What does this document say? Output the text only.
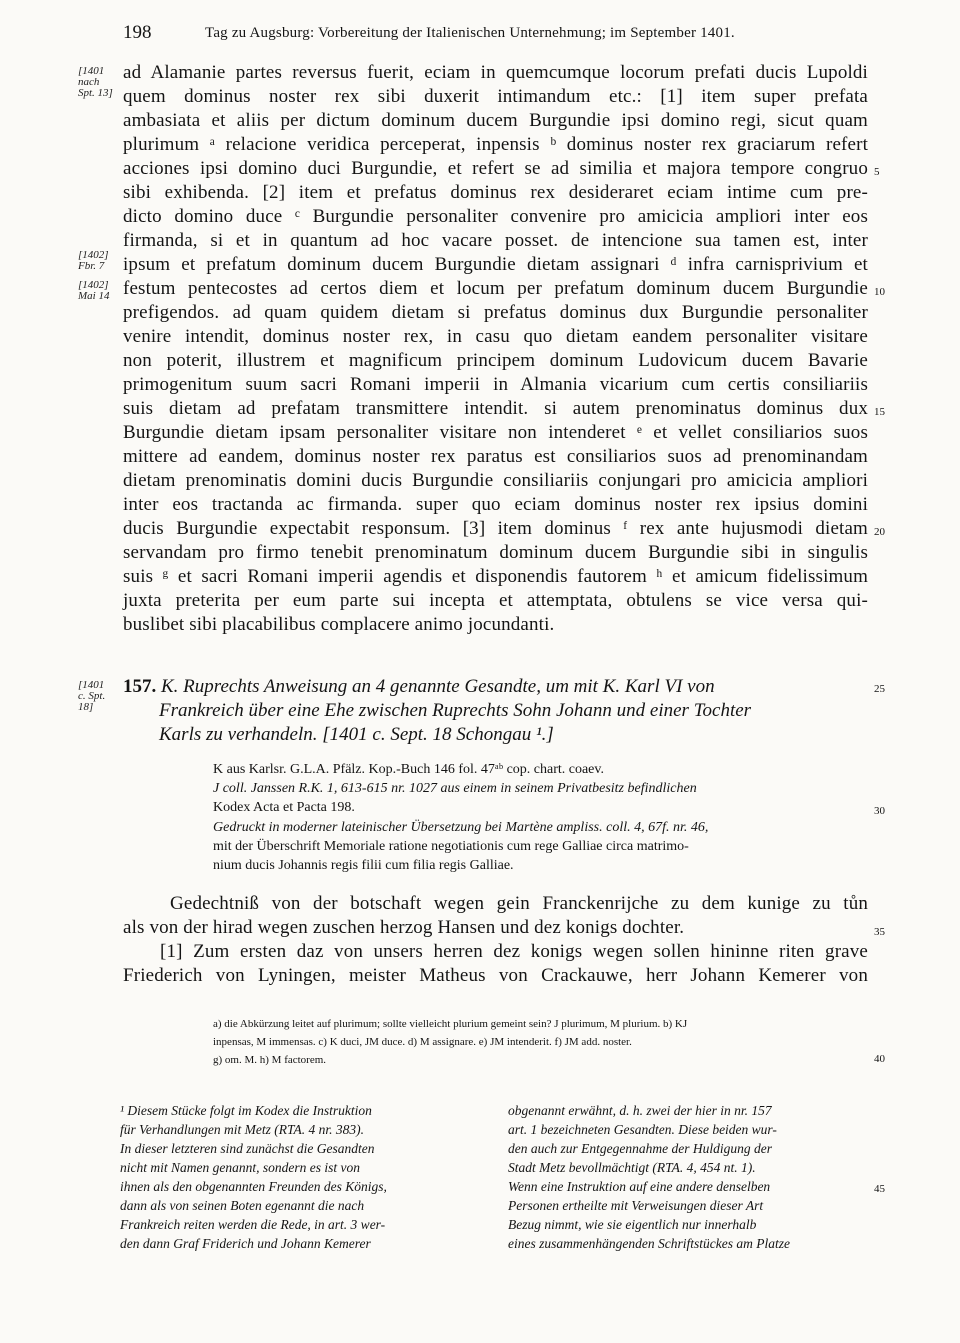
198	Tag zu Augsburg: Vorbereitung der Italienischen Unternehmung; im September 1401.
ad Alamanie partes reversus fuerit, eciam in quemcumque locorum prefati ducis Lupoldi
quem dominus noster rex sibi duxerit intimandum etc.: [1] item super prefata
ambasiata et aliis per dictum dominum ducem Burgundie ipsi domino regi, sicut quam
plurimum ᵃ relacione veridica perceperat, inpensis ᵇ dominus noster rex graciarum refert
acciones ipsi domino duci Burgundie, et refert se ad similia et majora tempore congruo
sibi exhibenda. [2] item et prefatus dominus rex desideraret eciam intime cum pre-
dicto domino duce ᶜ Burgundie personaliter convenire pro amicicia ampliori inter eos
firmanda, si et in quantum ad hoc vacare posset. de intencione sua tamen est, inter
ipsum et prefatum dominum ducem Burgundie dietam assignari ᵈ infra carnisprivium et
festum pentecostes ad certos diem et locum per prefatum dominum ducem Burgundie
prefigendos. ad quam quidem dietam si prefatus dominus dux Burgundie personaliter
venire intendit, dominus noster rex, in casu quo dietam eandem personaliter visitare
non poterit, illustrem et magnificum principem dominum Ludovicum ducem Bavarie
primogenitum suum sacri Romani imperii in Almania vicarium cum certis consiliariis
suis dietam ad prefatam transmittere intendit. si autem prenominatus dominus dux
Burgundie dietam ipsam personaliter visitare non intenderet ᵉ et vellet consiliarios suos
mittere ad eandem, dominus noster rex paratus est consiliarios suos ad prenominandam
dietam prenominatis domini ducis Burgundie consiliariis conjungari pro amicicia ampliori
inter eos tractanda ac firmanda. super quo eciam dominus noster rex ipsius domini
ducis Burgundie expectabit responsum. [3] item dominus ᶠ rex ante hujusmodi dietam
servandam pro firmo tenebit prenominatum dominum ducem Burgundie sibi in singulis
suis ᵍ et sacri Romani imperii agendis et disponendis fautorem ʰ et amicum fidelissimum
juxta preterita per eum parte sui incepta et attemptata, obtulens se vice versa qui-
buslibet sibi placabilibus complacere animo jocundanti.
[1401
nach
Spt. 13]
[1402]
Fbr. 7
[1402]
Mai 14
[1401
c. Spt.
18]
5
10
15
20
25
30
35
40
45
157. K. Ruprechts Anweisung an 4 genannte Gesandte, um mit K. Karl VI von
Frankreich über eine Ehe zwischen Ruprechts Sohn Johann und einer Tochter
Karls zu verhandeln. [1401 c. Sept. 18 Schongau ¹.]
K aus Karlsr. G.L.A. Pfälz. Kop.-Buch 146 fol. 47ᵃᵇ cop. chart. coaev.
J coll. Janssen R.K. 1, 613-615 nr. 1027 aus einem in seinem Privatbesitz befindlichen
Kodex Acta et Pacta 198.
Gedruckt in moderner lateinischer Übersetzung bei Martène ampliss. coll. 4, 67f. nr. 46,
mit der Überschrift Memoriale ratione negotiationis cum rege Galliae circa matrimo-
nium ducis Johannis regis filii cum filia regis Galliae.
Gedechtniß von der botschaft wegen gein Franckenrijche zu dem kunige zu tůn
als von der hirad wegen zuschen herzog Hansen und dez konigs dochter.
[1] Zum ersten daz von unsers herren dez konigs wegen sollen hininne riten grave
Friederich von Lyningen, meister Matheus von Crackauwe, herr Johann Kemerer von
a) die Abkürzung leitet auf plurimum; sollte vielleicht plurium gemeint sein? J plurimum, M plurium. b) KJ
inpensas, M immensas. c) K duci, JM duce. d) M assignare. e) JM intenderit. f) JM add. noster.
g) om. M. h) M factorem.
¹ Diesem Stücke folgt im Kodex die Instruktion
für Verhandlungen mit Metz (RTA. 4 nr. 383).
In dieser letzteren sind zunächst die Gesandten
nicht mit Namen genannt, sondern es ist von
ihnen als den obgenannten Freunden des Königs,
dann als von seinen Boten egenannt die nach
Frankreich reiten werden die Rede, in art. 3 wer-
den dann Graf Friderich und Johann Kemerer
obgenannt erwähnt, d. h. zwei der hier in nr. 157
art. 1 bezeichneten Gesandten. Diese beiden wur-
den auch zur Entgegennahme der Huldigung der
Stadt Metz bevollmächtigt (RTA. 4, 454 nt. 1).
Wenn eine Instruktion auf eine andere denselben
Personen ertheilte mit Verweisungen dieser Art
Bezug nimmt, wie sie eigentlich nur innerhalb
eines zusammenhängenden Schriftstückes am Platze
